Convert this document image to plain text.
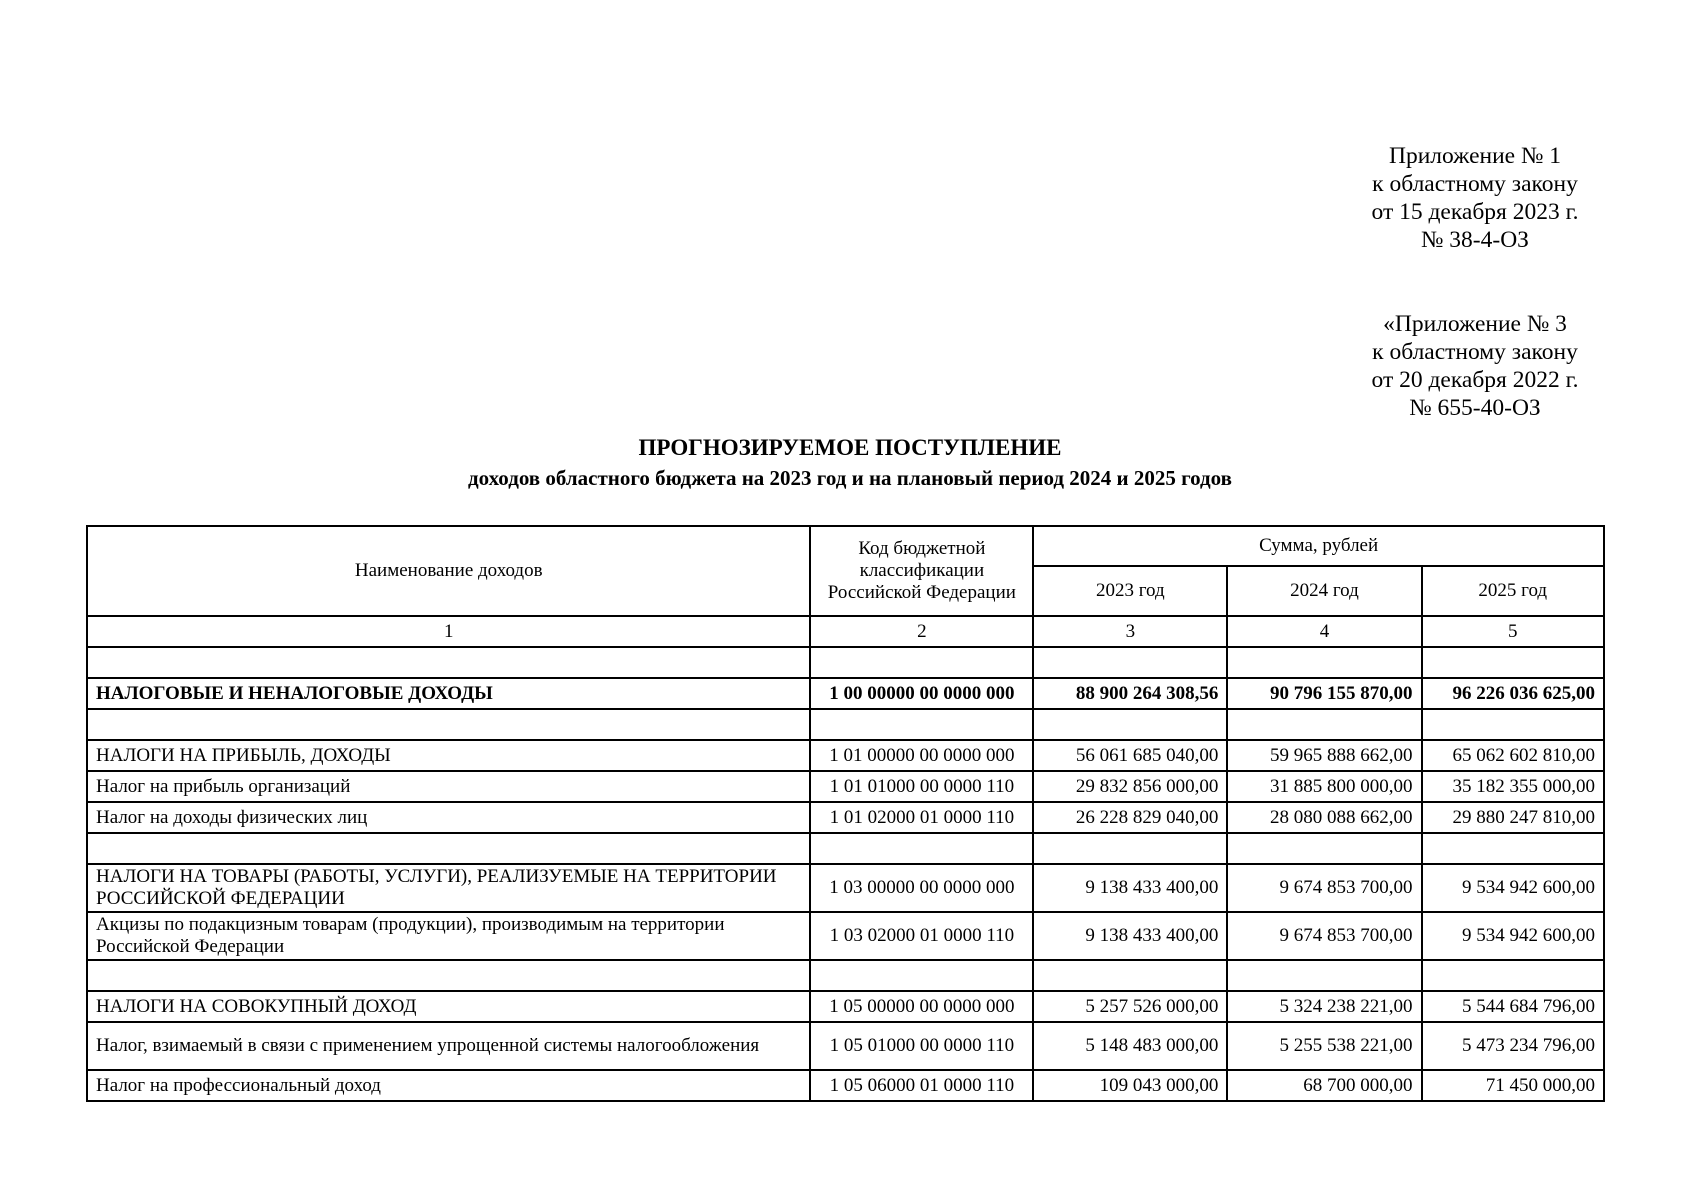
Приложение № 1
к областному закону
от 15 декабря 2023 г.
№ 38-4-ОЗ
«Приложение № 3
к областному закону
от 20 декабря 2022 г.
№ 655-40-ОЗ
ПРОГНОЗИРУЕМОЕ ПОСТУПЛЕНИЕ
доходов областного бюджета на 2023 год и на плановый период 2024 и 2025 годов
Наименование доходов	Код бюджетной классификации Российской Федерации	Сумма, рублей		
		2023 год	2024 год	2025 год
1	2	3	4	5

НАЛОГОВЫЕ И НЕНАЛОГОВЫЕ ДОХОДЫ	1 00 00000 00 0000 000	88 900 264 308,56	90 796 155 870,00	96 226 036 625,00

НАЛОГИ НА ПРИБЫЛЬ, ДОХОДЫ	1 01 00000 00 0000 000	56 061 685 040,00	59 965 888 662,00	65 062 602 810,00
Налог на прибыль организаций	1 01 01000 00 0000 110	29 832 856 000,00	31 885 800 000,00	35 182 355 000,00
Налог на доходы физических лиц	1 01 02000 01 0000 110	26 228 829 040,00	28 080 088 662,00	29 880 247 810,00

НАЛОГИ НА ТОВАРЫ (РАБОТЫ, УСЛУГИ), РЕАЛИЗУЕМЫЕ НА ТЕРРИТОРИИ РОССИЙСКОЙ ФЕДЕРАЦИИ	1 03 00000 00 0000 000	9 138 433 400,00	9 674 853 700,00	9 534 942 600,00
Акцизы по подакцизным товарам (продукции), производимым на территории Российской Федерации	1 03 02000 01 0000 110	9 138 433 400,00	9 674 853 700,00	9 534 942 600,00

НАЛОГИ НА СОВОКУПНЫЙ ДОХОД	1 05 00000 00 0000 000	5 257 526 000,00	5 324 238 221,00	5 544 684 796,00
Налог, взимаемый в связи с применением упрощенной системы налогообложения	1 05 01000 00 0000 110	5 148 483 000,00	5 255 538 221,00	5 473 234 796,00
Налог на профессиональный доход	1 05 06000 01 0000 110	109 043 000,00	68 700 000,00	71 450 000,00
